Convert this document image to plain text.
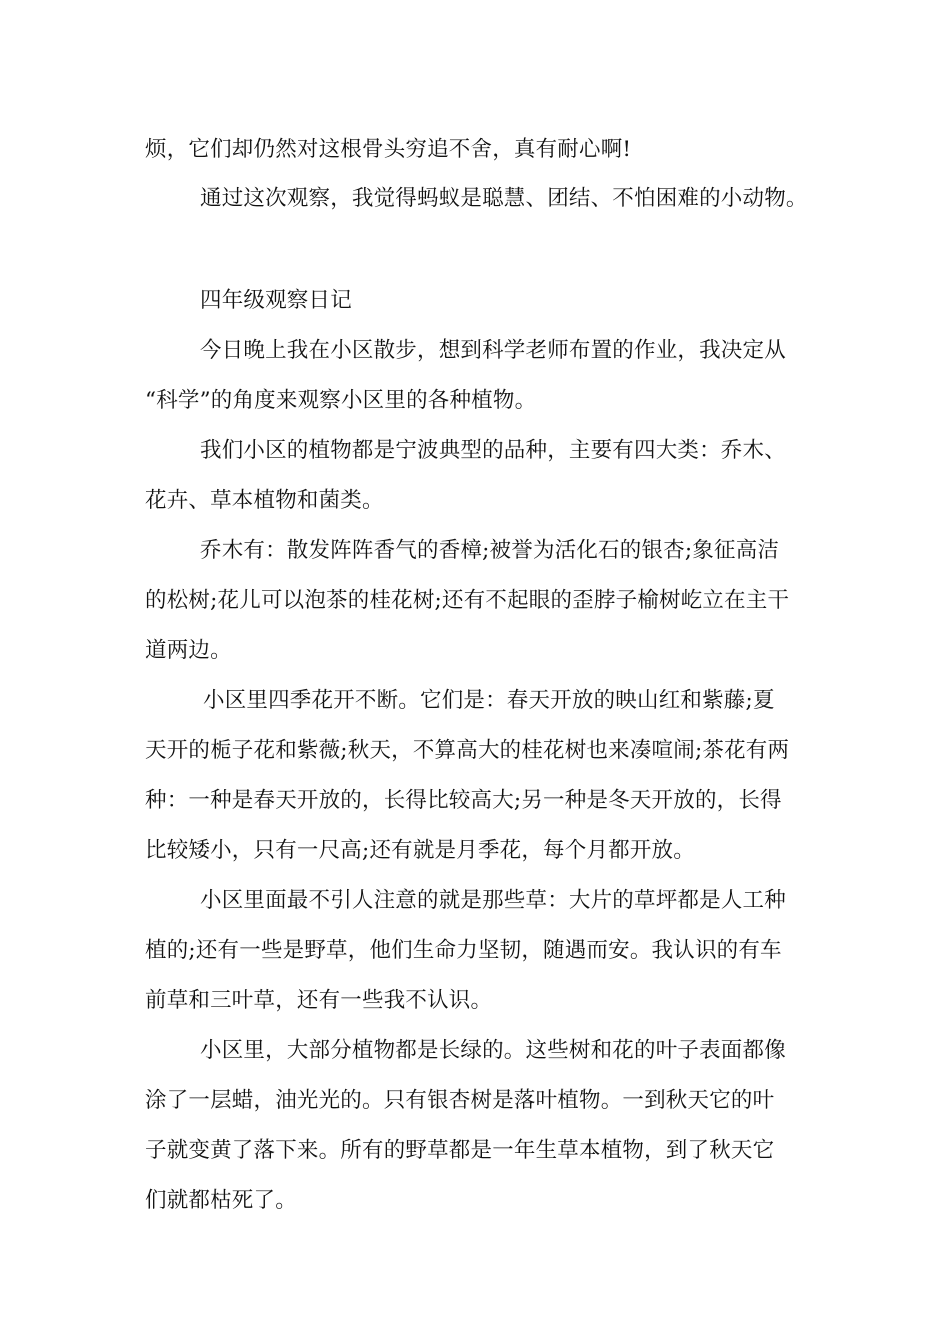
烦，它们却仍然对这根骨头穷追不舍，真有耐心啊!
通过这次观察，我觉得蚂蚁是聪慧、团结、不怕困难的小动物。
四年级观察日记
今日晚上我在小区散步，想到科学老师布置的作业，我决定从
“科学”的角度来观察小区里的各种植物。
我们小区的植物都是宁波典型的品种，主要有四大类：乔木、
花卉、草本植物和菌类。
乔木有：散发阵阵香气的香樟;被誉为活化石的银杏;象征高洁
的松树;花儿可以泡茶的桂花树;还有不起眼的歪脖子榆树屹立在主干
道两边。
小区里四季花开不断。它们是：春天开放的映山红和紫藤;夏
天开的栀子花和紫薇;秋天，不算高大的桂花树也来凑喧闹;茶花有两
种：一种是春天开放的，长得比较高大;另一种是冬天开放的，长得
比较矮小，只有一尺高;还有就是月季花，每个月都开放。
小区里面最不引人注意的就是那些草：大片的草坪都是人工种
植的;还有一些是野草，他们生命力坚韧，随遇而安。我认识的有车
前草和三叶草，还有一些我不认识。
小区里，大部分植物都是长绿的。这些树和花的叶子表面都像
涂了一层蜡，油光光的。只有银杏树是落叶植物。一到秋天它的叶
子就变黄了落下来。所有的野草都是一年生草本植物，到了秋天它
们就都枯死了。
